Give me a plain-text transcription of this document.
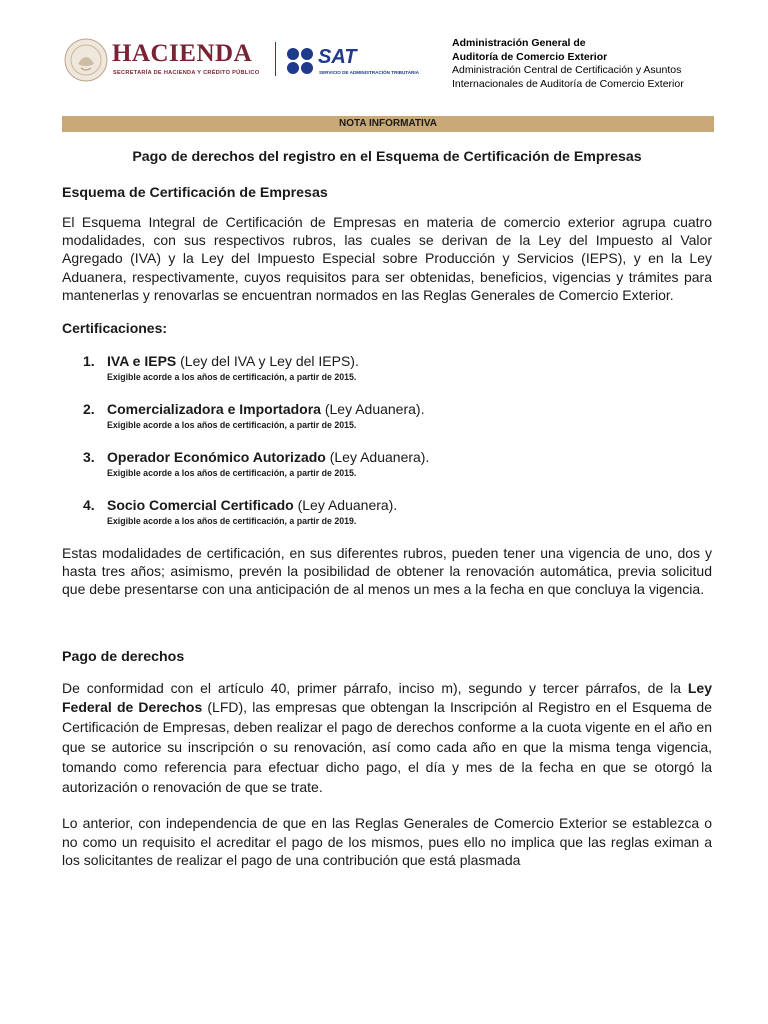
HACIENDA
SECRETARÍA DE HACIENDA Y CRÉDITO PÚBLICO
SAT
SERVICIO DE ADMINISTRACIÓN TRIBUTARIA
Administración General de
Auditoría de Comercio Exterior
Administración Central de Certificación y Asuntos
Internacionales de Auditoría de Comercio Exterior
NOTA INFORMATIVA
Pago de derechos del registro en el Esquema de Certificación de Empresas
Esquema de Certificación de Empresas

El Esquema Integral de Certificación de Empresas en materia de comercio exterior agrupa cuatro modalidades, con sus respectivos rubros, las cuales se derivan de la Ley del Impuesto al Valor Agregado (IVA) y la Ley del Impuesto Especial sobre Producción y Servicios (IEPS), y en la Ley Aduanera, respectivamente, cuyos requisitos para ser obtenidas, beneficios, vigencias y trámites para mantenerlas y renovarlas se encuentran normados en las Reglas Generales de Comercio Exterior.

Certificaciones:

1. IVA e IEPS (Ley del IVA y Ley del IEPS).
Exigible acorde a los años de certificación, a partir de 2015.
2. Comercializadora e Importadora (Ley Aduanera).
Exigible acorde a los años de certificación, a partir de 2015.
3. Operador Económico Autorizado (Ley Aduanera).
Exigible acorde a los años de certificación, a partir de 2015.
4. Socio Comercial Certificado (Ley Aduanera).
Exigible acorde a los años de certificación, a partir de 2019.

Estas modalidades de certificación, en sus diferentes rubros, pueden tener una vigencia de uno, dos y hasta tres años; asimismo, prevén la posibilidad de obtener la renovación automática, previa solicitud que debe presentarse con una anticipación de al menos un mes a la fecha en que concluya la vigencia.

Pago de derechos

De conformidad con el artículo 40, primer párrafo, inciso m), segundo y tercer párrafos, de la Ley Federal de Derechos (LFD), las empresas que obtengan la Inscripción al Registro en el Esquema de Certificación de Empresas, deben realizar el pago de derechos conforme a la cuota vigente en el año en que se autorice su inscripción o su renovación, así como cada año en que la misma tenga vigencia, tomando como referencia para efectuar dicho pago, el día y mes de la fecha en que se otorgó la autorización o renovación de que se trate.

Lo anterior, con independencia de que en las Reglas Generales de Comercio Exterior se establezca o no como un requisito el acreditar el pago de los mismos, pues ello no implica que las reglas eximan a los solicitantes de realizar el pago de una contribución que está plasmada
